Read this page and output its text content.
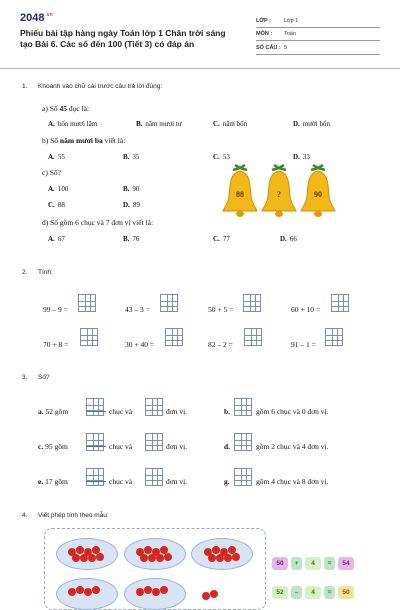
$2048^{.vn}$
Phiếu bài tập hàng ngày Toán lớp 1 Chân trời sáng tạo Bài 6. Các số đến 100 (Tiết 3) có đáp án
LỚP : Lớp 1
MÔN : Toán
SỐ CÂU : 5
1. Khoanh vào chữ cái trước câu trả lời đúng:
a) Số 45 đọc là:
A. bốn mươi lăm	B. năm mươi tư	C. năm bốn	D. mười bốn
b) Số năm mươi ba viết là:
A. 55	B. 35	C. 53	D. 33
c) Số?
A. 100	B. 90
C. 88	D. 89
88	?	90
d) Số gồm 6 chục và 7 đơn vị viết là:
A. 67	B. 76	C. 77	D. 66
2. Tính:
99 – 9 =	43 – 3 =	50 + 5 =	60 + 10 =
70 + 8 =	30 + 40 =	82 – 2 =	91 – 1 =
3. Số?
a. 52 gồm	chục và	đơn vị.	b.	gồm 6 chục và 0 đơn vị.
c. 95 gồm	chục và	đơn vị.	d.	gồm 2 chục và 4 đơn vị.
e. 17 gồm	chục và	đơn vị.	g.	gồm 4 chục và 8 đơn vị.
4. Viết phép tính theo mẫu:
50	+	4	=	54
52	–	4	=	50
